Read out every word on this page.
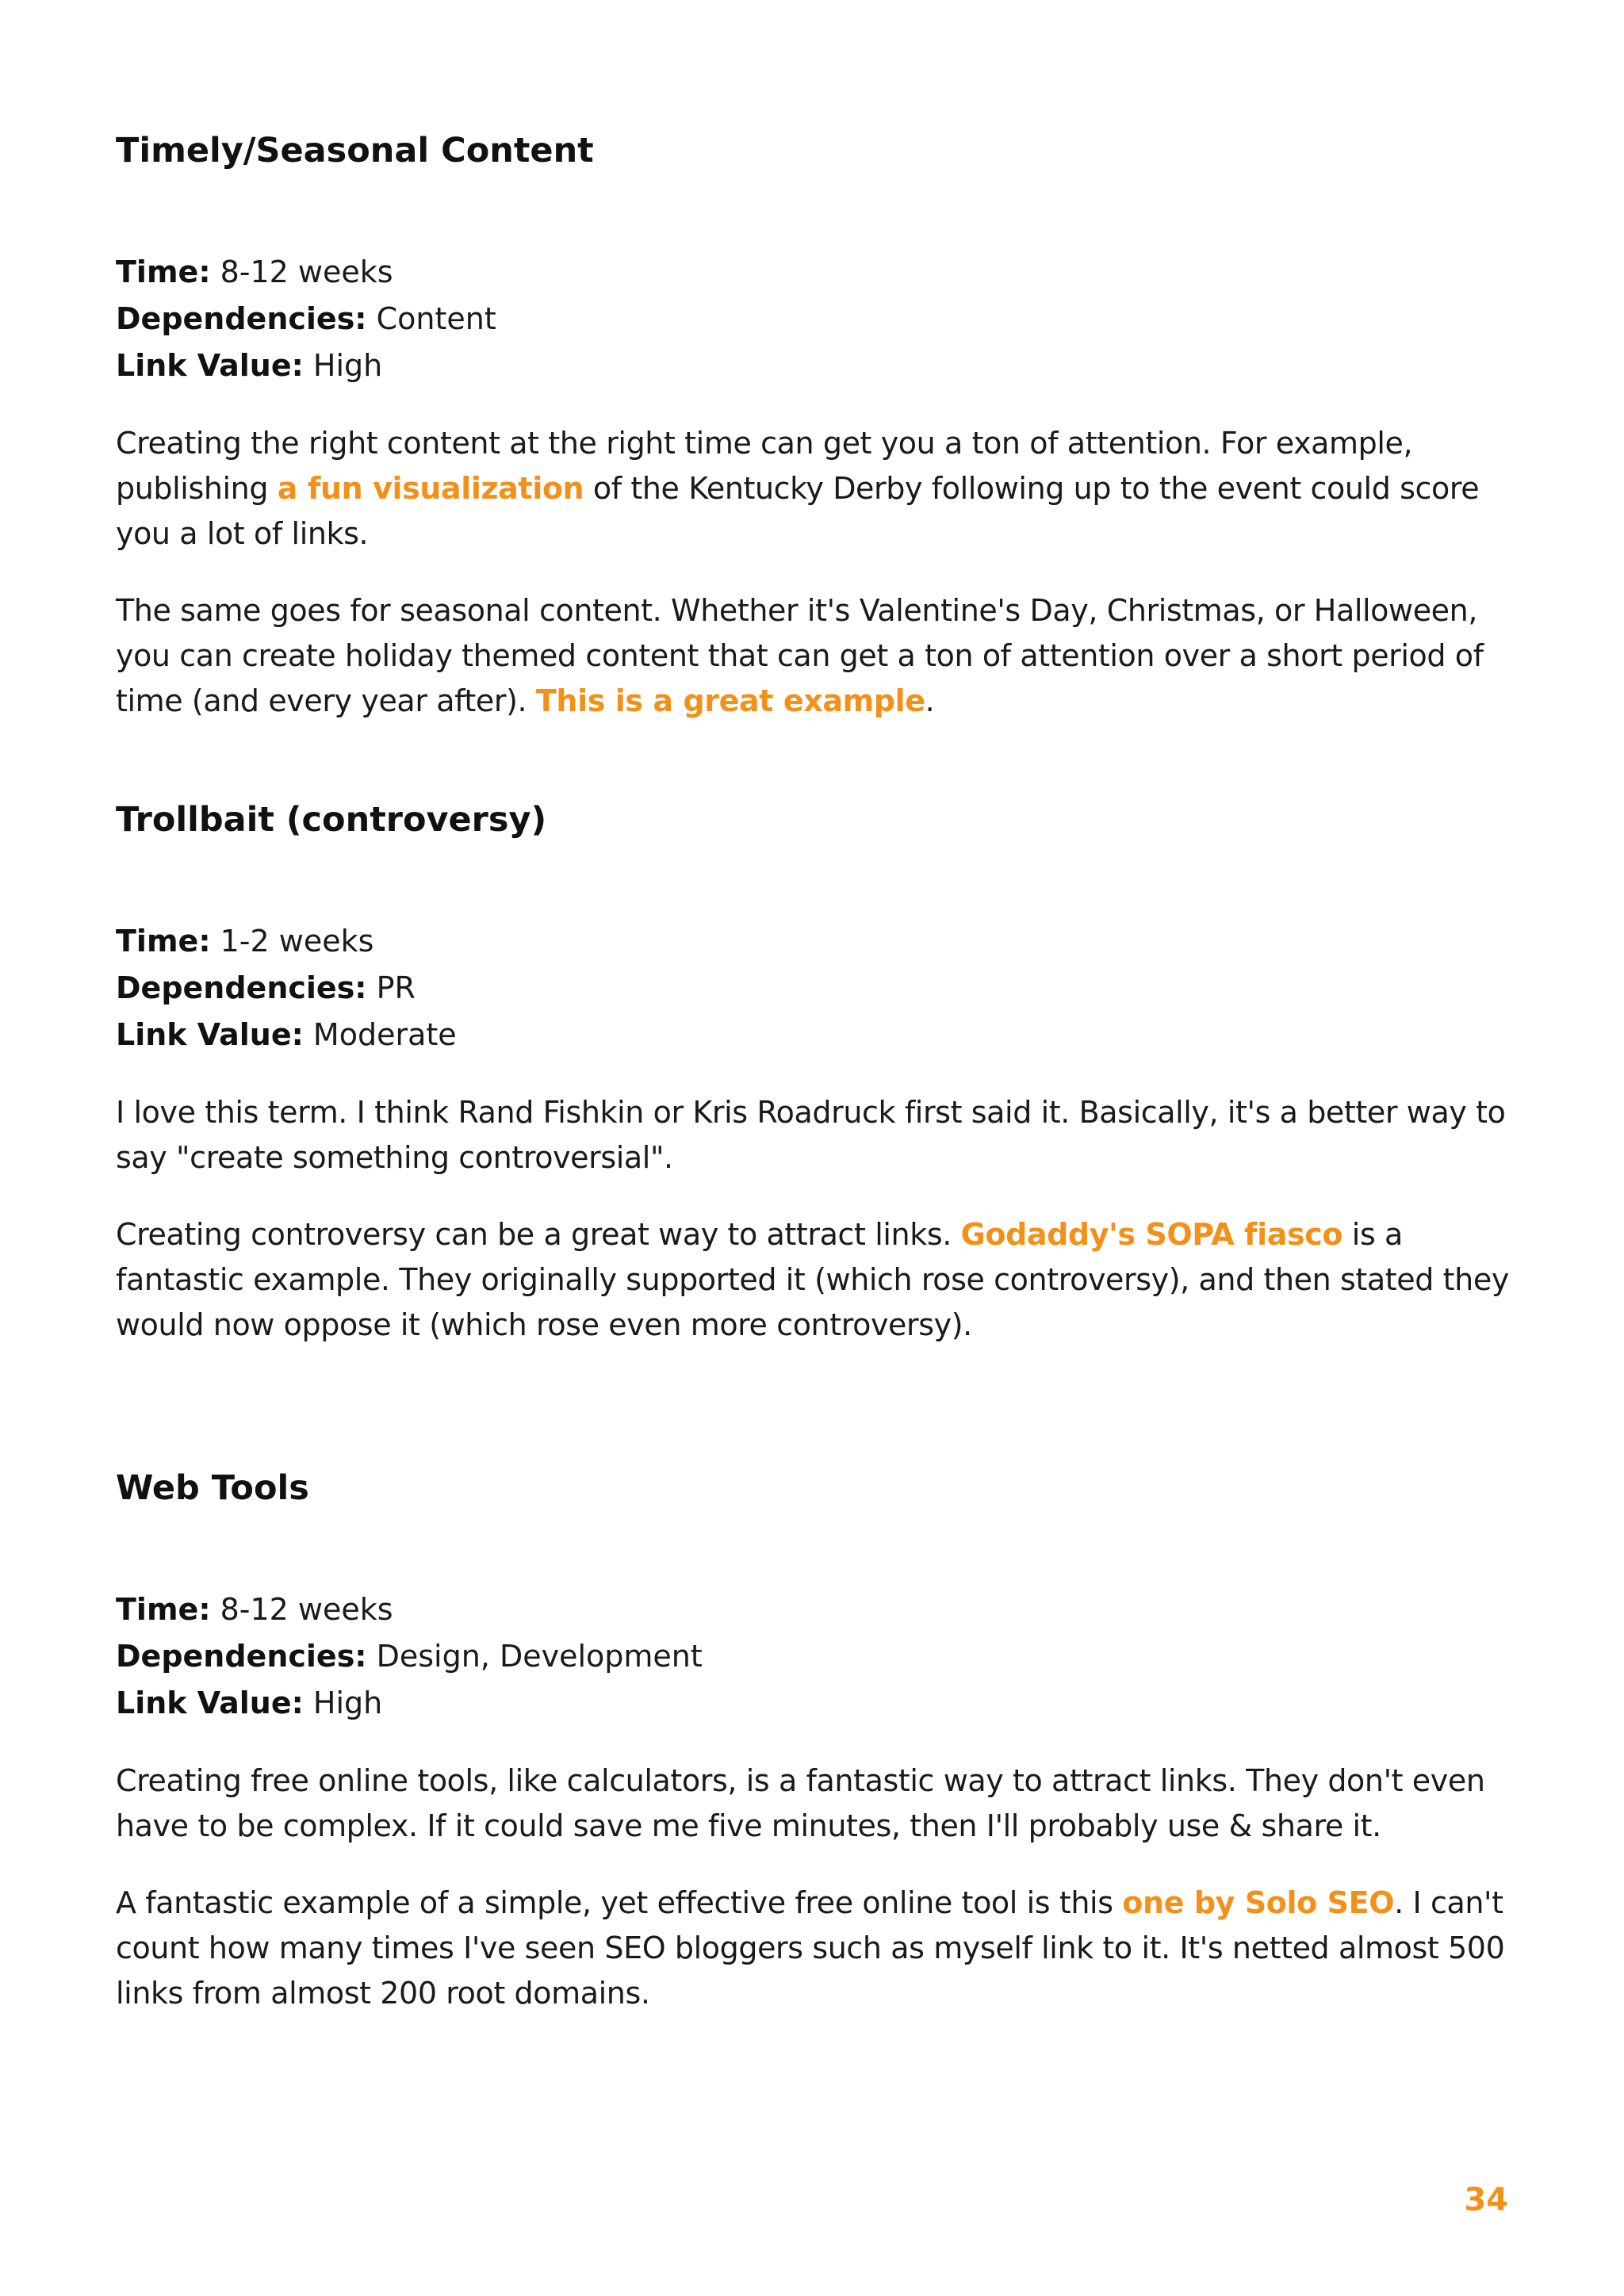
Timely/Seasonal Content
Time: 8-12 weeks
Dependencies: Content
Link Value: High

Creating the right content at the right time can get you a ton of attention. For example, publishing a fun visualization of the Kentucky Derby following up to the event could score you a lot of links.

The same goes for seasonal content. Whether it's Valentine's Day, Christmas, or Halloween, you can create holiday themed content that can get a ton of attention over a short period of time (and every year after). This is a great example.

Trollbait (controversy)
Time: 1-2 weeks
Dependencies: PR
Link Value: Moderate

I love this term. I think Rand Fishkin or Kris Roadruck first said it. Basically, it's a better way to say "create something controversial".

Creating controversy can be a great way to attract links. Godaddy's SOPA fiasco is a fantastic example. They originally supported it (which rose controversy), and then stated they would now oppose it (which rose even more controversy).

Web Tools
Time: 8-12 weeks
Dependencies: Design, Development
Link Value: High

Creating free online tools, like calculators, is a fantastic way to attract links. They don't even have to be complex. If it could save me five minutes, then I'll probably use & share it.

A fantastic example of a simple, yet effective free online tool is this one by Solo SEO. I can't count how many times I've seen SEO bloggers such as myself link to it. It's netted almost 500 links from almost 200 root domains.

34
